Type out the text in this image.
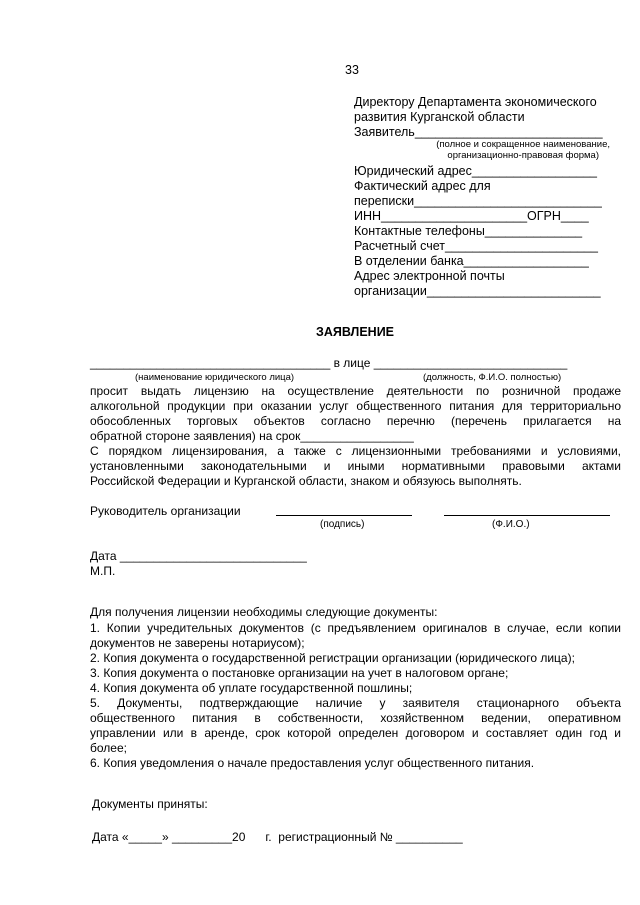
33
Директору Департамента экономического
развития Курганской области
Заявитель___________________________
(полное и сокращенное наименование,
организационно-правовая форма)
Юридический адрес__________________
Фактический адрес для
переписки___________________________
ИНН_____________________ОГРН____
Контактные телефоны______________
Расчетный счет______________________
В отделении банка__________________
Адрес электронной почты
организации_________________________
ЗАЯВЛЕНИЕ
____________________________________ в лице _____________________________
(наименование юридического лица)	(должность, Ф.И.О. полностью)
просит выдать лицензию на осуществление деятельности по розничной продаже
алкогольной продукции при оказании услуг общественного питания для территориально
обособленных торговых объектов согласно перечню (перечень прилагается на
обратной стороне заявления) на срок_________________
С порядком лицензирования, а также с лицензионными требованиями и условиями,
установленными законодательными и иными нормативными правовыми актами
Российской Федерации и Курганской области, знаком и обязуюсь выполнять.
Руководитель организации
(подпись)	(Ф.И.О.)
Дата ____________________________
М.П.
Для получения лицензии необходимы следующие документы:
1. Копии учредительных документов (с предъявлением оригиналов в случае, если копии
документов не заверены нотариусом);
2. Копия документа о государственной регистрации организации (юридического лица);
3. Копия документа о постановке организации на учет в налоговом органе;
4. Копия документа об уплате государственной пошлины;
5. Документы, подтверждающие наличие у заявителя стационарного объекта
общественного питания в собственности, хозяйственном ведении, оперативном
управлении или в аренде, срок которой определен договором и составляет один год и
более;
6. Копия уведомления о начале предоставления услуг общественного питания.
Документы приняты:
Дата «_____» _________20      г.  регистрационный № __________
